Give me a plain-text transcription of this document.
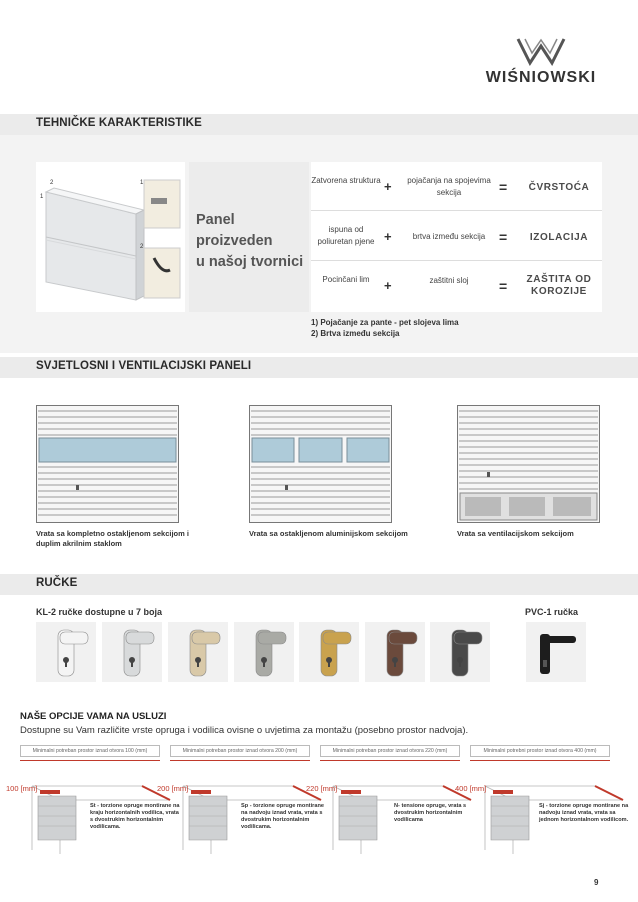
WIŚNIOWSKI
TEHNIČKE KARAKTERISTIKE
2
1
1
2
Panel
proizveden
u našoj tvornici
Zatvorena struktura +	pojačanja na spojevima sekcija	=	ČVRSTOĆA
ispuna od poliuretan pjene +	brtva između sekcija =	IZOLACIJA
Pocinčani lim	+	zaštitni sloj	=	ZAŠTITA OD KOROZIJE
1) Pojačanje za pante - pet slojeva lima
2) Brtva između sekcija
SVJETLOSNI I VENTILACIJSKI PANELI
Vrata sa kompletno ostakljenom sekcijom i duplim akrilnim staklom
Vrata sa ostakljenom aluminijskom sekcijom	Vrata sa ventilacijskom sekcijom
RUČKE
KL-2 ručke dostupne u 7 boja	PVC-1 ručka
NAŠE OPCIJE VAMA NA USLUZI
Dostupne su Vam različite vrste opruga i vodilica ovisne o uvjetima za montažu (posebno prostor nadvoja).
Minimalni potreban prostor iznad otvora 100 (mm)
100 [mm]
St - torzione opruge montirane na kraju horizontalnih vodilica, vrata s dvostrukim horizontalnim vodilicama.
Minimalni potreban prostor iznad otvora 200 (mm)
200 [mm]
Sp - torzione opruge montirane na nadvoju iznad vrata, vrata s dvostrukim horizontalnim vodilicama.
Minimalni potreban prostor iznad otvora 220 (mm)
220 [mm]
N- tensione opruge, vrata s dvostrukim horizontalnim vodilicama
Minimalni potrebni prostor iznad otvora 400 (mm)
400 [mm]
Sj - torzione opruge montirane na nadvoju iznad vrata, vrata sa jednom horizontalnom vodilicom.
9
